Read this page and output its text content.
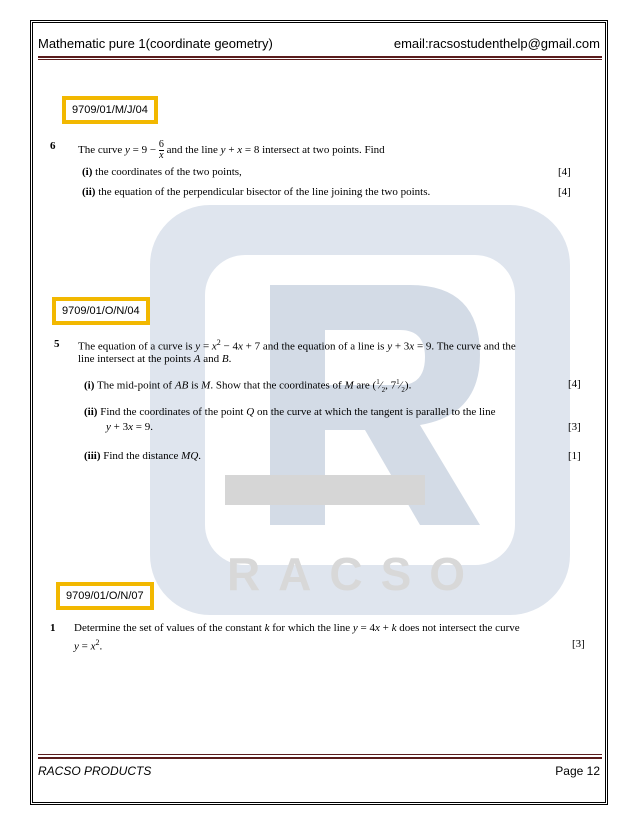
Mathematic pure 1(coordinate geometry)	email:racsostudenthelp@gmail.com
RACSO
9709/01/M/J/04
6 The curve $y = 9 - \frac{6}{x}$ and the line y + x = 8 intersect at two points. Find
(i) the coordinates of the two points,	[4]
(ii) the equation of the perpendicular bisector of the line joining the two points.	[4]
9709/01/O/N/04
5 The equation of a curve is $y = x^2 - 4x + 7$ and the equation of a line is y + 3x = 9. The curve and the
line intersect at the points A and B.
(i) The mid-point of AB is M. Show that the coordinates of M are ($^1⁄_2$, $7^1⁄_2$).	[4]
(ii) Find the coordinates of the point Q on the curve at which the tangent is parallel to the line
y + 3x = 9.	[3]
(iii) Find the distance MQ.	[1]
9709/01/O/N/07
1 Determine the set of values of the constant k for which the line y = 4x + k does not intersect the curve
$y = x^2$.	[3]
RACSO PRODUCTS	Page 12
